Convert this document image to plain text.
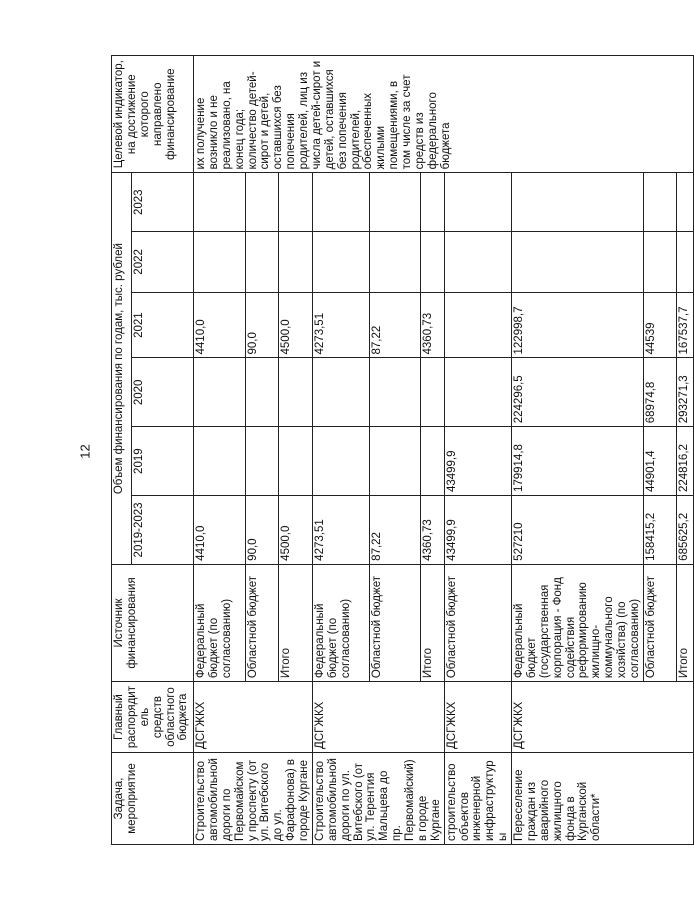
12
Задача, мероприятие	Главный распорядитель средств областного бюджета	Источник финансирования	Объем финансирования по годам, тыс. рублей						Целевой индикатор, на достижение которого направлено финансирование
			2019-2023	2019	2020	2021	2022	2023	
Строительство автомобильной дороги по Первомайскому проспекту (от ул. Витебского до ул. Фарафонова) в городе Кургане	ДСГЖКХ	Федеральный бюджет (по согласованию)	4410,0			4410,0			их получение возникло и не реализовано, на конец года; количество детей-сирот и детей, оставшихся без попечения родителей, лиц из числа детей-сирот и детей, оставшихся без попечения родителей, обеспеченных жилыми помещениями, в том числе за счет средств из федерального бюджета
		Областной бюджет	90,0			90,0			
		Итого	4500,0			4500,0			
Строительство автомобильной дороги по ул. Витебского (от ул. Терентия Мальцева до пр. Первомайский) в городе Кургане	ДСГЖКХ	Федеральный бюджет (по согласованию)	4273,51			4273,51			
		Областной бюджет	87,22			87,22			
		Итого	4360,73			4360,73			
строительство объектов инженерной инфраструктуры	ДСГЖКХ	Областной бюджет	43499,9	43499,9					
Переселение граждан из аварийного жилищного фонда в Курганской области*	ДСГЖКХ	Федеральный бюджет (государственная корпорация - Фонд содействия реформированию жилищно-коммунального хозяйства) (по согласованию)	527210	179914,8	224296,5	122998,7			
		Областной бюджет	158415,2	44901,4	68974,8	44539			
		Итого	685625,2	224816,2	293271,3	167537,7			
